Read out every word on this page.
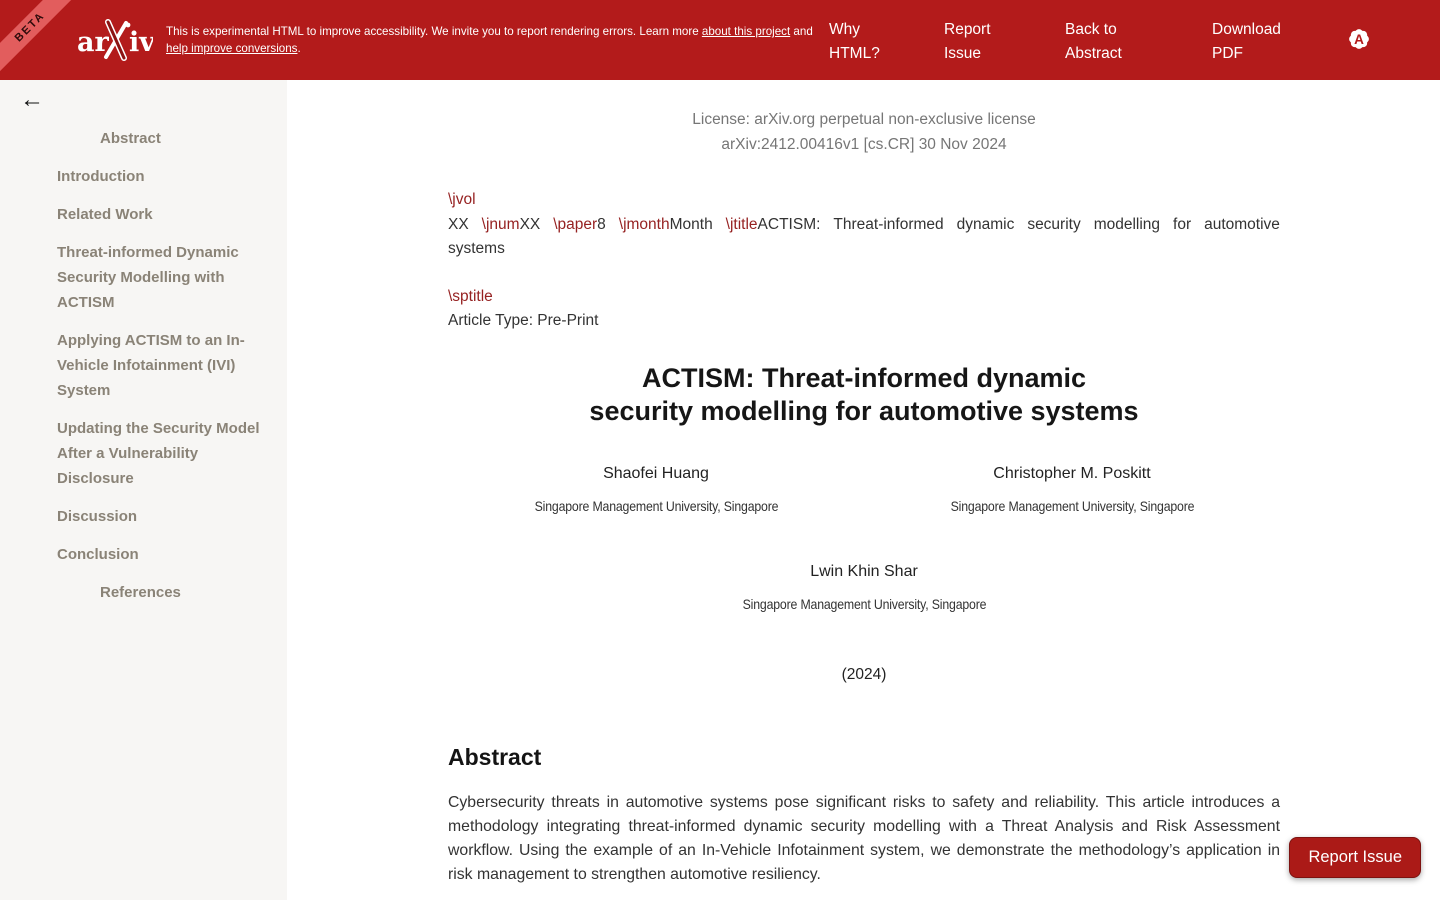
BETA	ar iv This is experimental HTML to improve accessibility. We invite you to report rendering errors. Learn more about this project and help improve conversions.
Why HTML?
Report Issue
Back to Abstract
Download PDF
A
←
Abstract
Introduction
Related Work
Threat-informed Dynamic Security Modelling with ACTISM
Applying ACTISM to an In-Vehicle Infotainment (IVI) System
Updating the Security Model After a Vulnerability Disclosure
Discussion
Conclusion
References
License: arXiv.org perpetual non-exclusive license
arXiv:2412.00416v1 [cs.CR] 30 Nov 2024
\jvol
XX \jnumXX \paper8 \jmonthMonth \jtitleACTISM: Threat-informed dynamic security modelling for automotive
systems
\sptitle
Article Type: Pre-Print
ACTISM: Threat-informed dynamic
security modelling for automotive systems
Shaofei Huang
Singapore Management University, Singapore
Christopher M. Poskitt
Singapore Management University, Singapore
Lwin Khin Shar
Singapore Management University, Singapore
(2024)
Abstract

Cybersecurity threats in automotive systems pose significant risks to safety and reliability. This article introduces a methodology integrating threat-informed dynamic security modelling with a Threat Analysis and Risk Assessment workflow. Using the example of an In-Vehicle Infotainment system, we demonstrate the methodology’s application in risk management to strengthen automotive resiliency.

Report Issue
